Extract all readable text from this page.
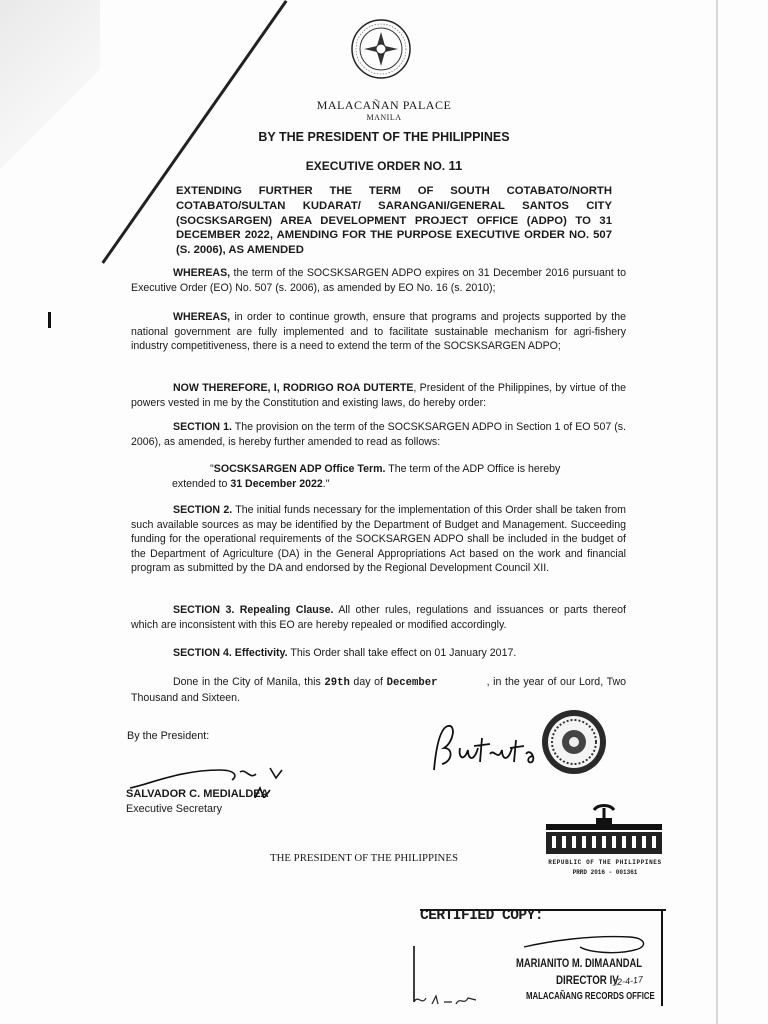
MALACAÑAN PALACE
MANILA
BY THE PRESIDENT OF THE PHILIPPINES
EXECUTIVE ORDER NO. 11
EXTENDING FURTHER THE TERM OF SOUTH COTABATO/NORTH COTABATO/SULTAN KUDARAT/ SARANGANI/GENERAL SANTOS CITY (SOCSKSARGEN) AREA DEVELOPMENT PROJECT OFFICE (ADPO) TO 31 DECEMBER 2022, AMENDING FOR THE PURPOSE EXECUTIVE ORDER NO. 507 (S. 2006), AS AMENDED
WHEREAS, the term of the SOCSKSARGEN ADPO expires on 31 December 2016 pursuant to Executive Order (EO) No. 507 (s. 2006), as amended by EO No. 16 (s. 2010);
WHEREAS, in order to continue growth, ensure that programs and projects supported by the national government are fully implemented and to facilitate sustainable mechanism for agri-fishery industry competitiveness, there is a need to extend the term of the SOCSKSARGEN ADPO;
NOW THEREFORE, I, RODRIGO ROA DUTERTE, President of the Philippines, by virtue of the powers vested in me by the Constitution and existing laws, do hereby order:
SECTION 1. The provision on the term of the SOCSKSARGEN ADPO in Section 1 of EO 507 (s. 2006), as amended, is hereby further amended to read as follows:
"SOCSKSARGEN ADP Office Term. The term of the ADP Office is hereby extended to 31 December 2022."
SECTION 2. The initial funds necessary for the implementation of this Order shall be taken from such available sources as may be identified by the Department of Budget and Management. Succeeding funding for the operational requirements of the SOCKSARGEN ADPO shall be included in the budget of the Department of Agriculture (DA) in the General Appropriations Act based on the work and financial program as submitted by the DA and endorsed by the Regional Development Council XII.
SECTION 3. Repealing Clause. All other rules, regulations and issuances or parts thereof which are inconsistent with this EO are hereby repealed or modified accordingly.
SECTION 4. Effectivity. This Order shall take effect on 01 January 2017.
Done in the City of Manila, this 29th day of December	, in the year of our Lord, Two Thousand and Sixteen.
By the President:
SALVADOR C. MEDIALDEA
Executive Secretary
THE PRESIDENT OF THE PHILIPPINES	REPUBLIC OF THE PHILIPPINES
PRRD 2016 - 001361
CERTIFIED COPY:
MARIANITO M. DIMAANDAL
DIRECTOR IV
MALACAÑANG RECORDS OFFICE
12-4-17
